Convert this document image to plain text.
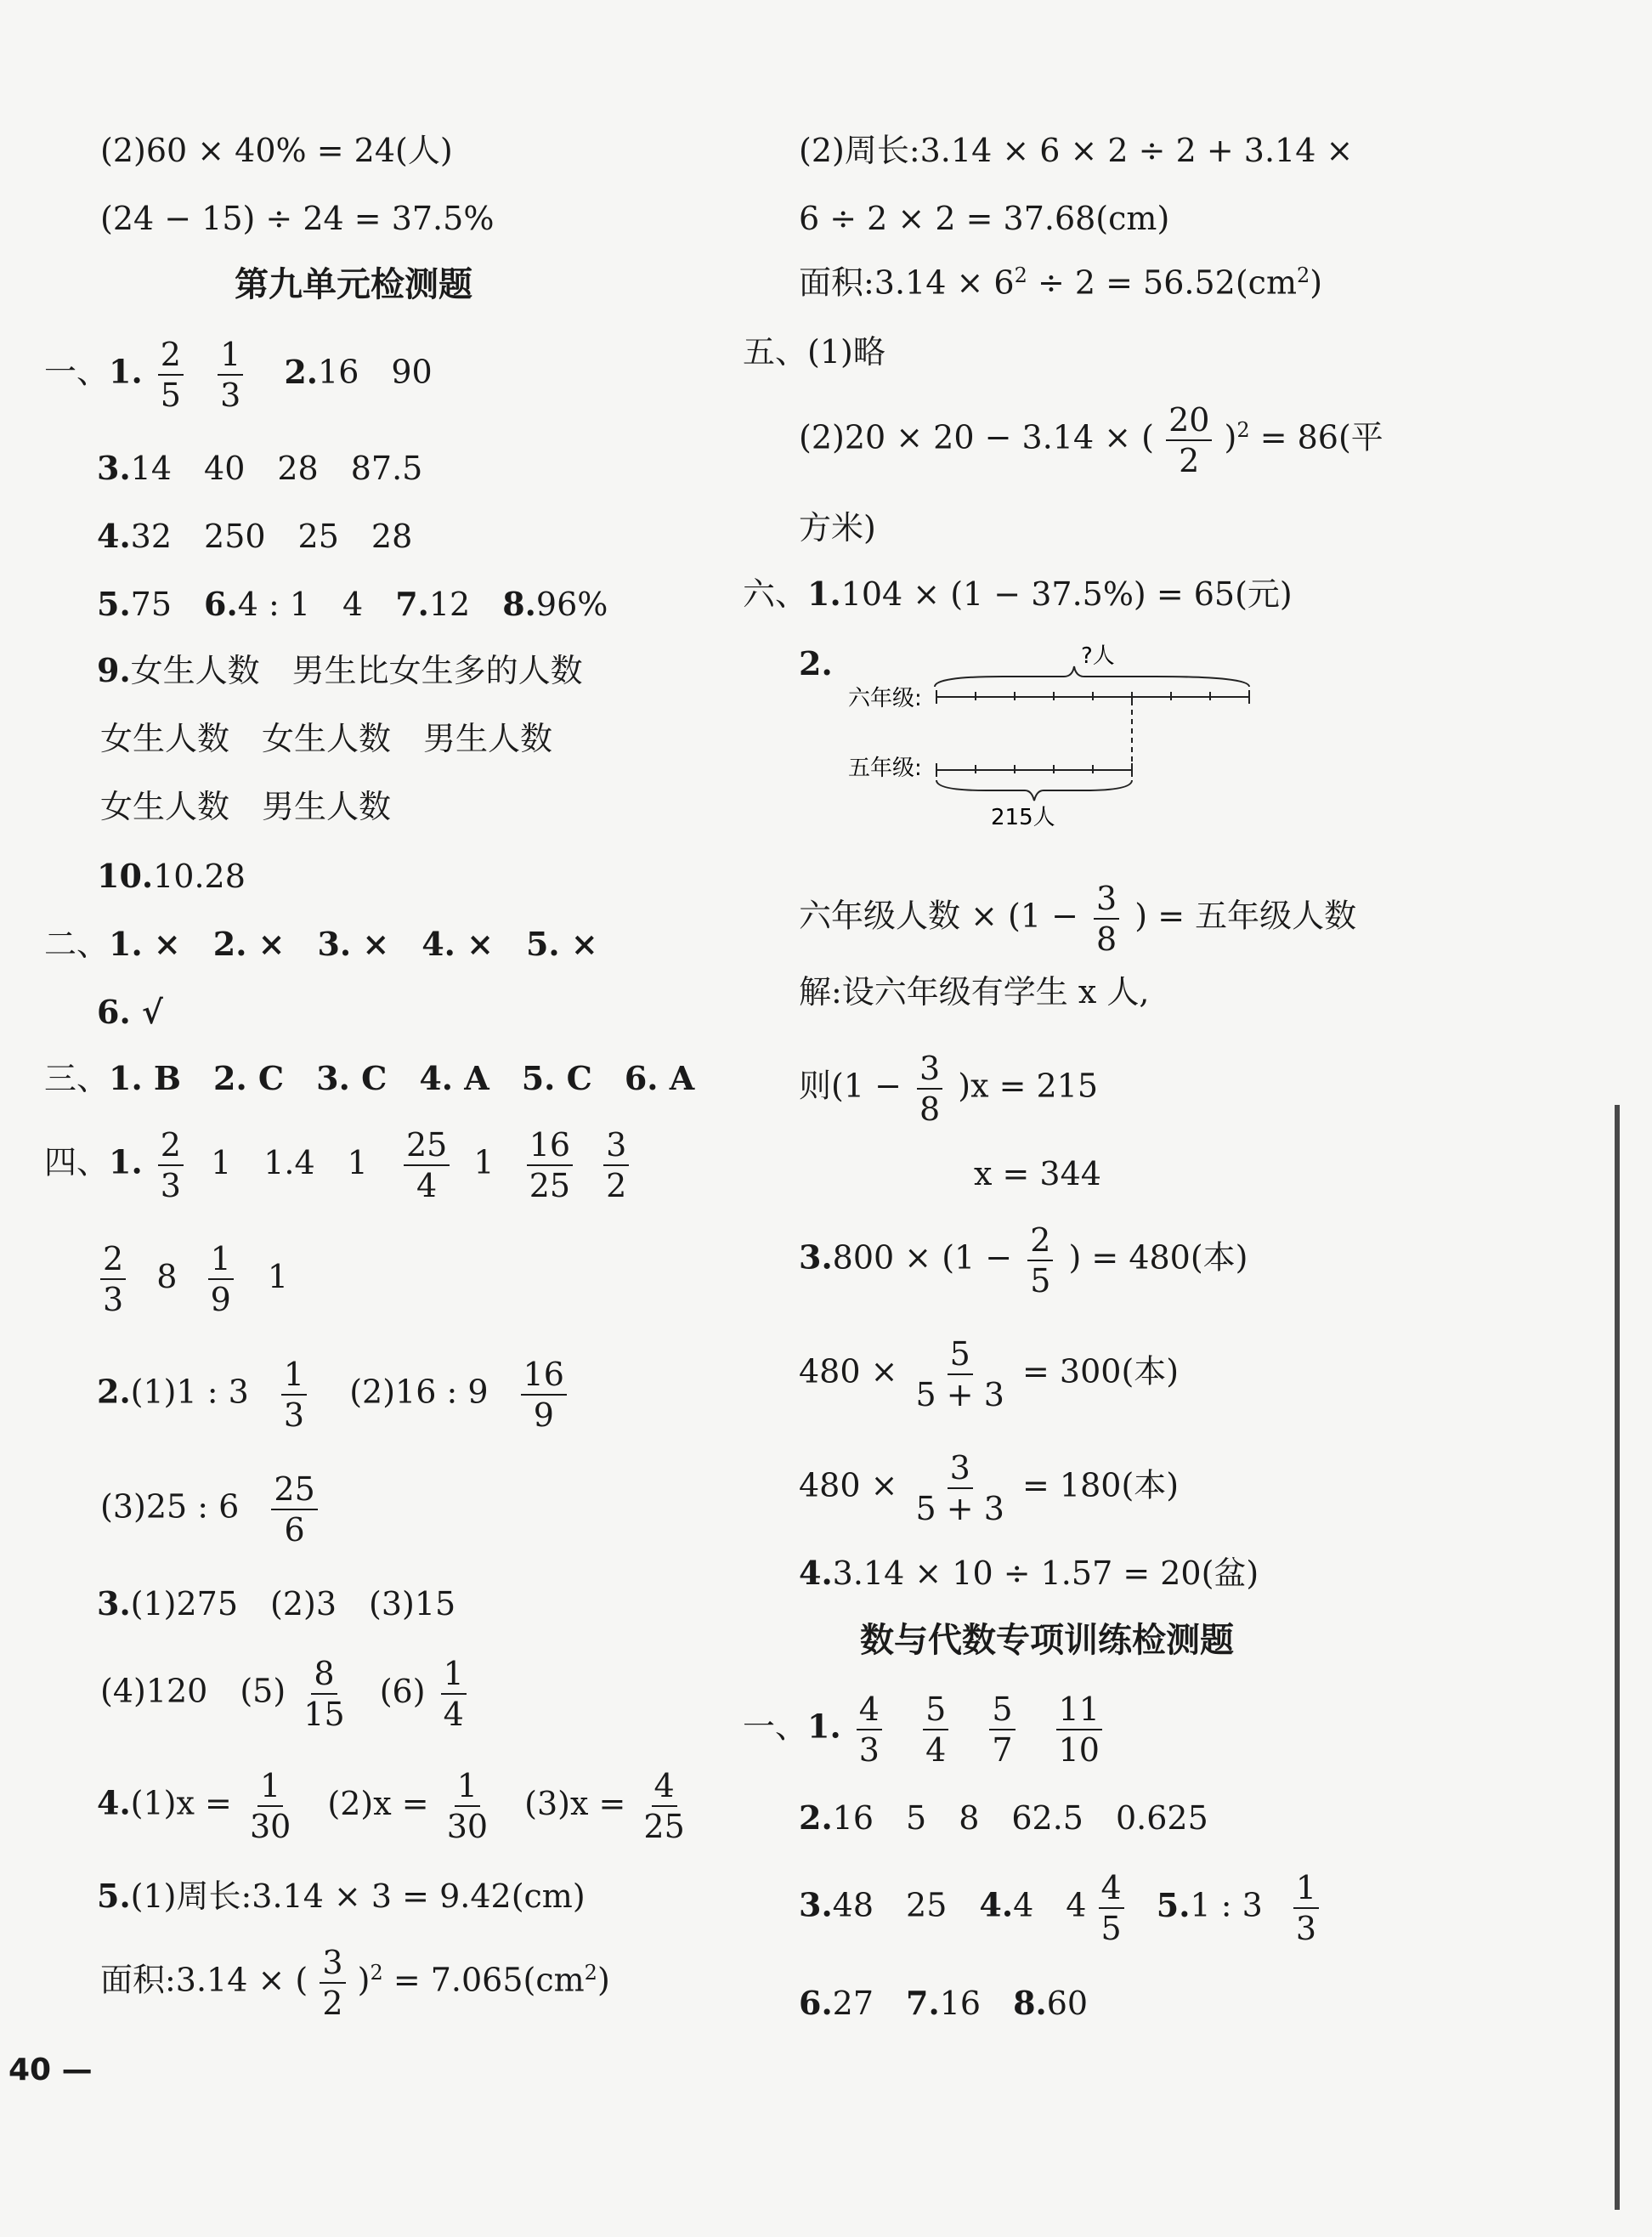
(2)60 × 40% = 24(人)
(24 − 15) ÷ 24 = 37.5%
第九单元检测题
一、1. $\frac{2}{5}$
$\frac{1}{3} 2.16$　90
3.14　40　28　87.5
4.32　250　25　28
5.75　6.4 : 1　4　7.12　8.96%
9.女生人数　男生比女生多的人数
女生人数　女生人数　男生人数
女生人数　男生人数
10.10.28
二、1. ×　2. ×　3. ×　4. ×　5. ×
6. √
三、1. B　2. C　3. C　4. A　5. C　6. A
四、1. $\frac{2}{3} 1$　1.4　$1 \frac{25}{4} 1 \frac{16}{25}$
$\frac{3}{2}$
$\frac{2}{3} 8 \frac{1}{9} 1$
2.(1)1 : $3 \frac{1}{3} (2)16$ : $9 \frac{16}{9}$
(3)25 : $6 \frac{25}{6}$
3.(1)275　(2)3　(3)15
(4)120　$(5) \frac{8}{15} (6) \frac{1}{4}$
$4.(1)x = \frac{1}{30} (2)x = \frac{1}{30} (3)x = \frac{4}{25}$
5.(1)周长:3.14 × 3 = 9.42(cm)
面积:3.14 × ( $\frac{3}{2} )^2 = 7.065(cm^2)$
40 —
(2)周长:3.14 × 6 × 2 ÷ 2 + 3.14 ×
6 ÷ 2 × 2 = 37.68(cm)
面积:3.14 × $6^2 \div 2 = 56.52(cm^2)$
五、(1)略
(2)20 × 20 − 3.14 × ( $\frac{20}{2} )^2 = 86$(平
方米)
六、1.104 × (1 − 37.5%) = 65(元)
2.	?人
六年级:
五年级:
215人
六年级人数 × ($1 - \frac{3}{8}$ ) = 五年级人数
解:设六年级有学生 x 人,
则$(1 - \frac{3}{8} )x = 215$
x = 344
$3.800 \times (1 - \frac{2}{5}$ ) = 480(本)
$480 \times \frac{5}{5 + 3} = 300$(本)
$480 \times \frac{3}{5 + 3} = 180$(本)
4.3.14 × 10 ÷ 1.57 = 20(盆)
数与代数专项训练检测题
一、1. $\frac{4}{3}$
$\frac{5}{4}$
$\frac{5}{7}$
$\frac{11}{10}$
2.16　5　8　62.5　0.625
3.48　25　4.4　$4 \frac{4}{5} 5.1$ : $3 \frac{1}{3}$
6.27　7.16　8.60
